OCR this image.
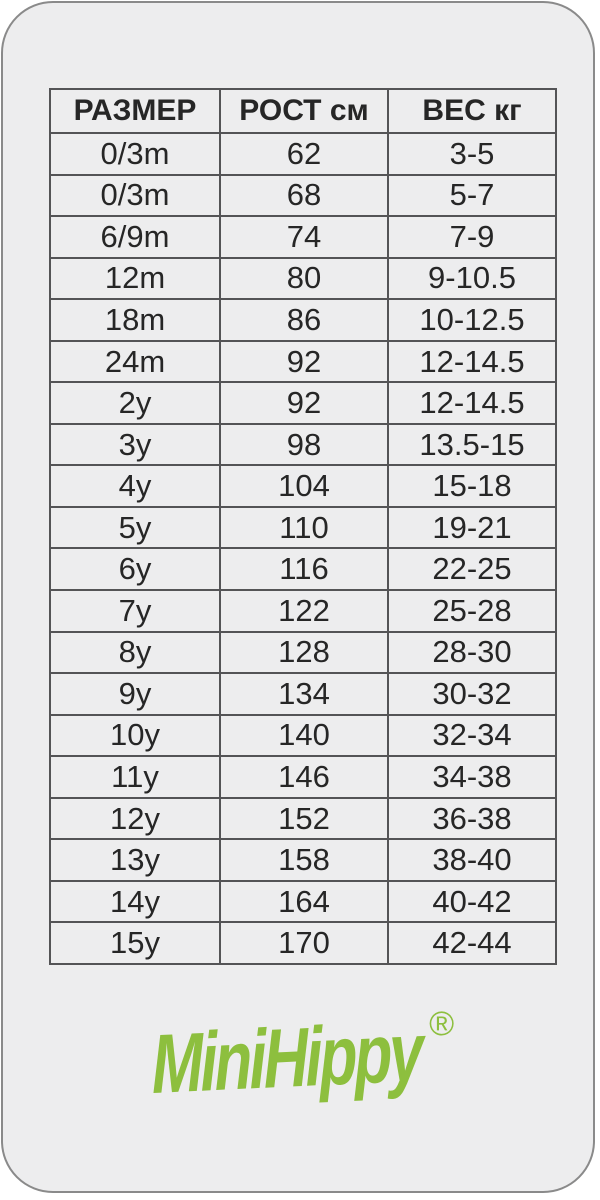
РАЗМЕР	РОСТ см	ВЕС кг
0/3m	62	3-5
0/3m	68	5-7
6/9m	74	7-9
12m	80	9-10.5
18m	86	10-12.5
24m	92	12-14.5
2y	92	12-14.5
3y	98	13.5-15
4y	104	15-18
5y	110	19-21
6y	116	22-25
7y	122	25-28
8y	128	28-30
9y	134	30-32
10y	140	32-34
11y	146	34-38
12y	152	36-38
13y	158	38-40
14y	164	40-42
15y	170	42-44
MiniHippy ®
